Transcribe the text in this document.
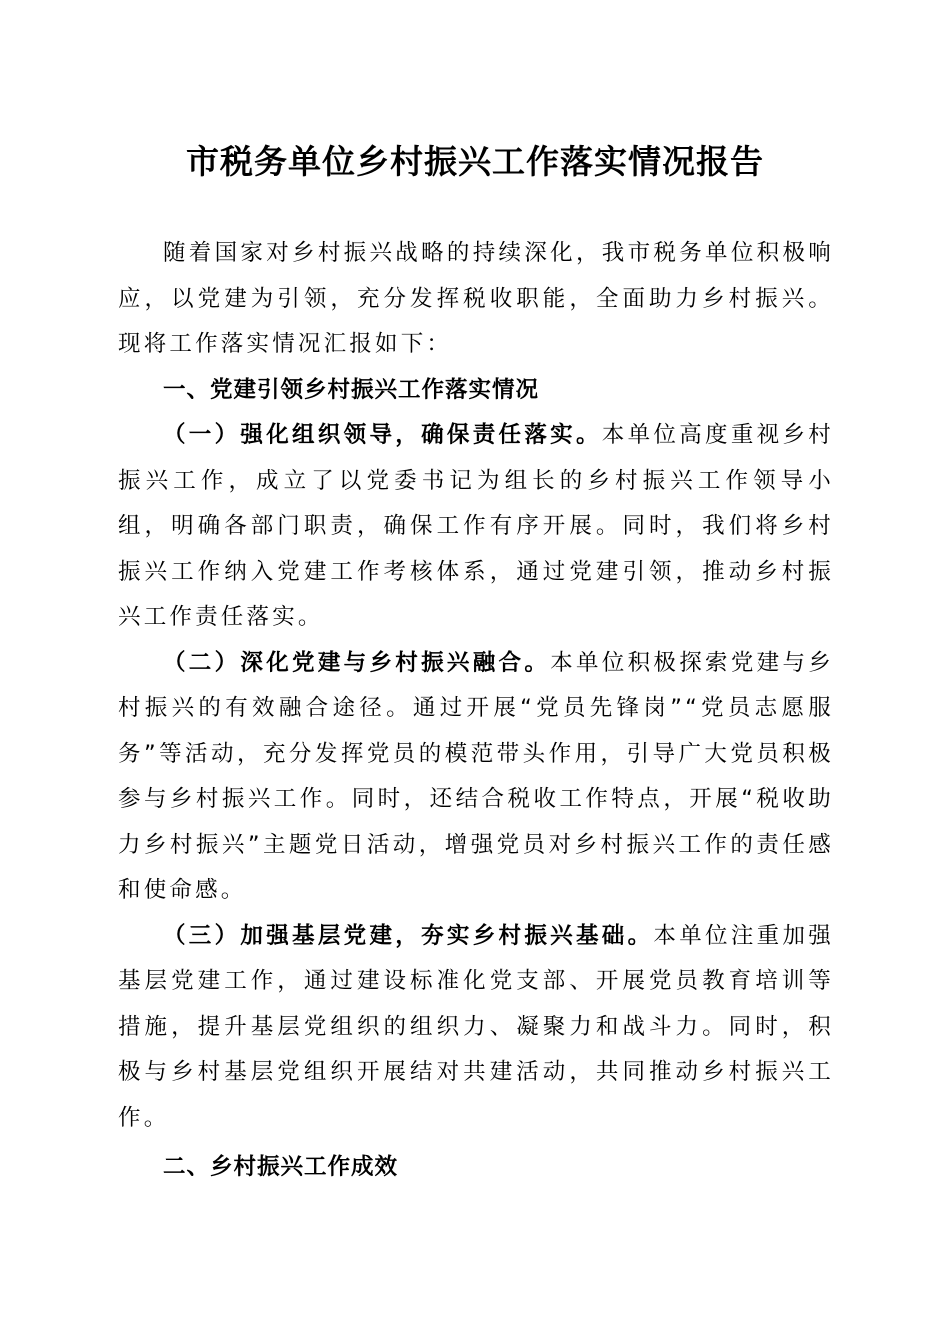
市税务单位乡村振兴工作落实情况报告

随着国家对乡村振兴战略的持续深化，我市税务单位积极响应，以党建为引领，充分发挥税收职能，全面助力乡村振兴。现将工作落实情况汇报如下：

一、党建引领乡村振兴工作落实情况

（一）强化组织领导，确保责任落实。本单位高度重视乡村振兴工作，成立了以党委书记为组长的乡村振兴工作领导小组，明确各部门职责，确保工作有序开展。同时，我们将乡村振兴工作纳入党建工作考核体系，通过党建引领，推动乡村振兴工作责任落实。

（二）深化党建与乡村振兴融合。本单位积极探索党建与乡村振兴的有效融合途径。通过开展“党员先锋岗”“党员志愿服务”等活动，充分发挥党员的模范带头作用，引导广大党员积极参与乡村振兴工作。同时，还结合税收工作特点，开展“税收助力乡村振兴”主题党日活动，增强党员对乡村振兴工作的责任感和使命感。

（三）加强基层党建，夯实乡村振兴基础。本单位注重加强基层党建工作，通过建设标准化党支部、开展党员教育培训等措施，提升基层党组织的组织力、凝聚力和战斗力。同时，积极与乡村基层党组织开展结对共建活动，共同推动乡村振兴工作。

二、乡村振兴工作成效
